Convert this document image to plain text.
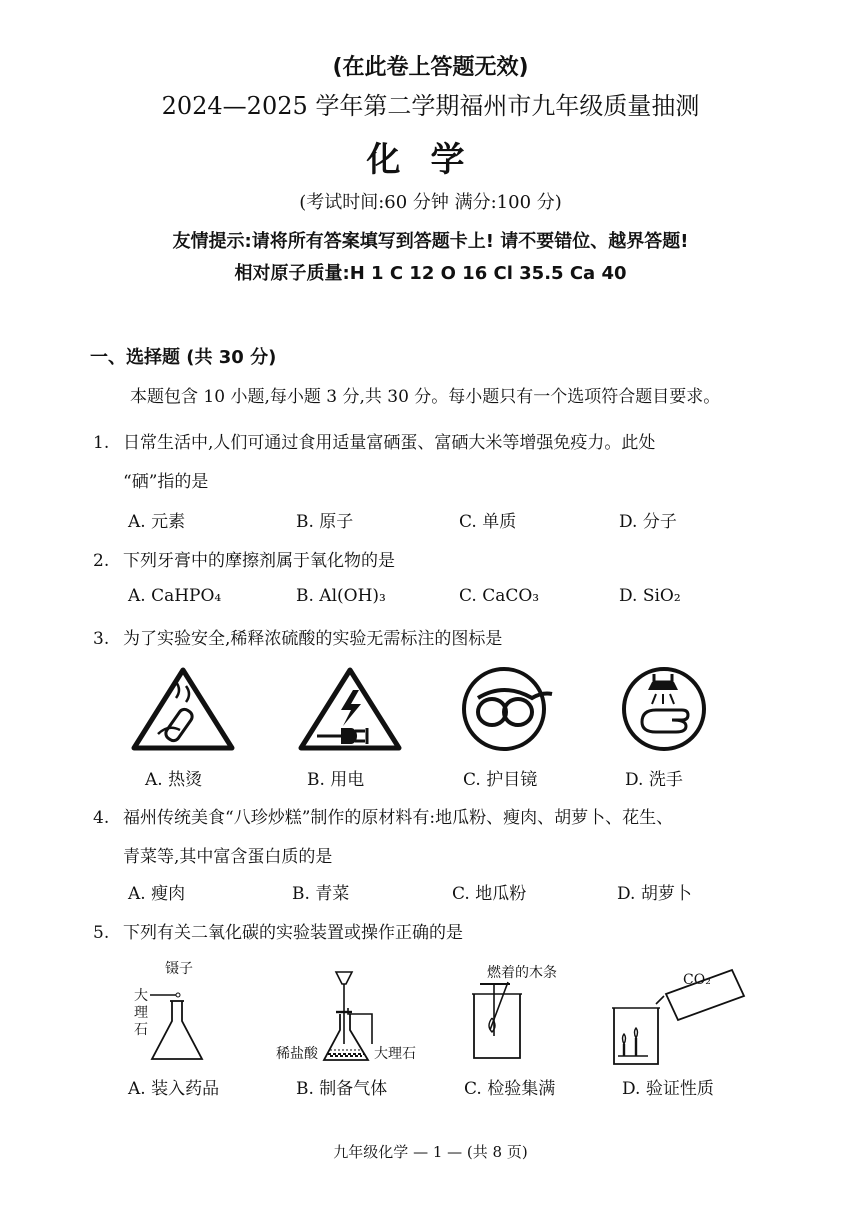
(在此卷上答题无效)
2024—2025 学年第二学期福州市九年级质量抽测
化学
(考试时间:60 分钟 满分:100 分)
友情提示:请将所有答案填写到答题卡上! 请不要错位、越界答题!
相对原子质量:H 1 C 12 O 16 Cl 35.5 Ca 40
一、选择题 (共 30 分)
本题包含 10 小题,每小题 3 分,共 30 分。每小题只有一个选项符合题目要求。
1. 日常生活中,人们可通过食用适量富硒蛋、富硒大米等增强免疫力。此处
“硒”指的是
A. 元素	B. 原子	C. 单质	D. 分子
2. 下列牙膏中的摩擦剂属于氧化物的是
A. CaHPO₄	B. Al(OH)₃	C. CaCO₃	D. SiO₂
3. 为了实验安全,稀释浓硫酸的实验无需标注的图标是
A. 热烫	B. 用电	C. 护目镜	D. 洗手
4. 福州传统美食“八珍炒糕”制作的原材料有:地瓜粉、瘦肉、胡萝卜、花生、
青菜等,其中富含蛋白质的是
A. 瘦肉	B. 青菜	C. 地瓜粉	D. 胡萝卜
5. 下列有关二氧化碳的实验装置或操作正确的是
镊子
大理石
稀盐酸	大理石
燃着的木条	CO₂
A. 装入药品	B. 制备气体	C. 检验集满	D. 验证性质
九年级化学 — 1 — (共 8 页)
